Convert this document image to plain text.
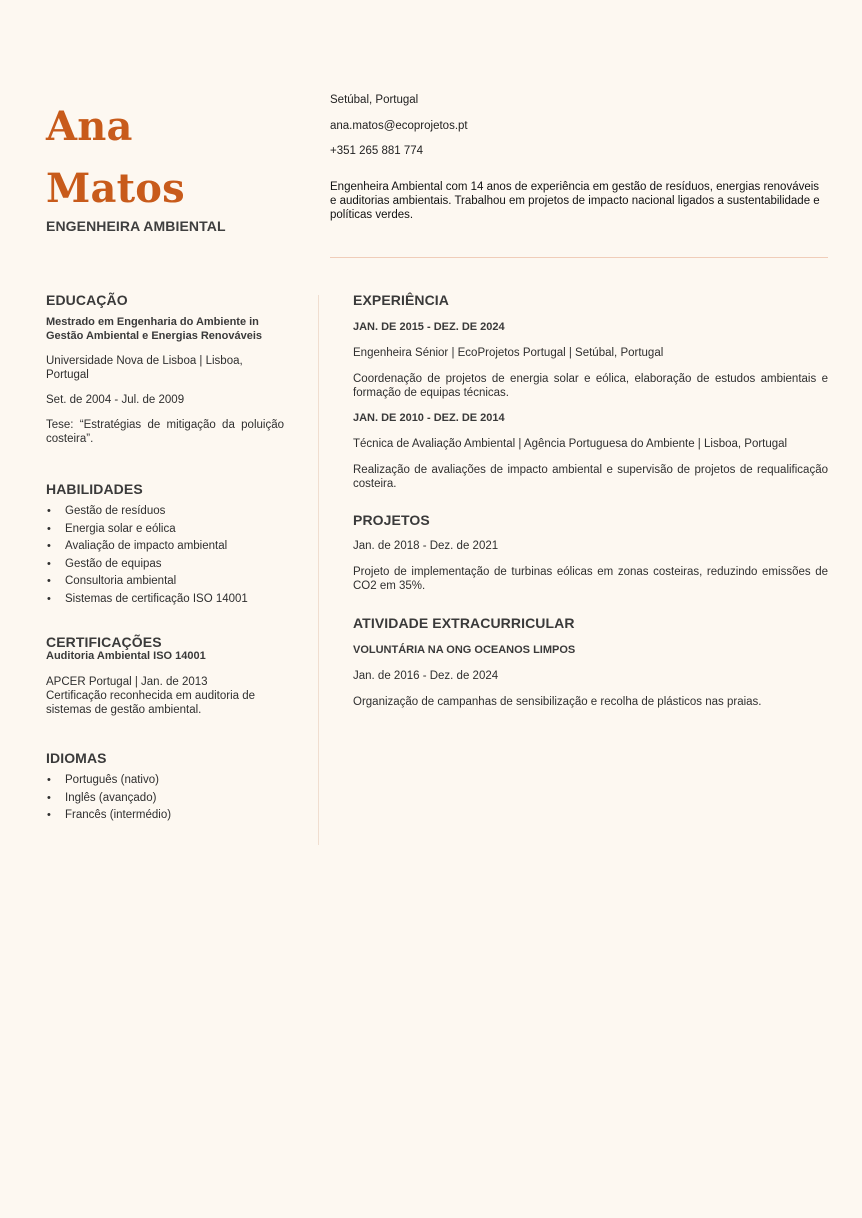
Ana
Matos
ENGENHEIRA AMBIENTAL
Setúbal, Portugal
ana.matos@ecoprojetos.pt
+351 265 881 774
Engenheira Ambiental com 14 anos de experiência em gestão de resíduos, energias renováveis e auditorias ambientais. Trabalhou em projetos de impacto nacional ligados a sustentabilidade e políticas verdes.
EDUCAÇÃO
Mestrado em Engenharia do Ambiente in Gestão Ambiental e Energias Renováveis

Universidade Nova de Lisboa | Lisboa, Portugal

Set. de 2004 - Jul. de 2009

Tese: “Estratégias de mitigação da poluição costeira”.

HABILIDADES
• Gestão de resíduos
• Energia solar e eólica
• Avaliação de impacto ambiental
• Gestão de equipas
• Consultoria ambiental
• Sistemas de certificação ISO 14001
CERTIFICAÇÕES
Auditoria Ambiental ISO 14001

APCER Portugal | Jan. de 2013

Certificação reconhecida em auditoria de sistemas de gestão ambiental.

IDIOMAS
• Português (nativo)
• Inglês (avançado)
• Francês (intermédio)
EXPERIÊNCIA
JAN. DE 2015 - DEZ. DE 2024

Engenheira Sénior | EcoProjetos Portugal | Setúbal, Portugal

Coordenação de projetos de energia solar e eólica, elaboração de estudos ambientais e formação de equipas técnicas.

JAN. DE 2010 - DEZ. DE 2014

Técnica de Avaliação Ambiental | Agência Portuguesa do Ambiente | Lisboa, Portugal

Realização de avaliações de impacto ambiental e supervisão de projetos de requalificação costeira.

PROJETOS

Jan. de 2018 - Dez. de 2021

Projeto de implementação de turbinas eólicas em zonas costeiras, reduzindo emissões de CO2 em 35%.

ATIVIDADE EXTRACURRICULAR
VOLUNTÁRIA NA ONG OCEANOS LIMPOS

Jan. de 2016 - Dez. de 2024

Organização de campanhas de sensibilização e recolha de plásticos nas praias.
